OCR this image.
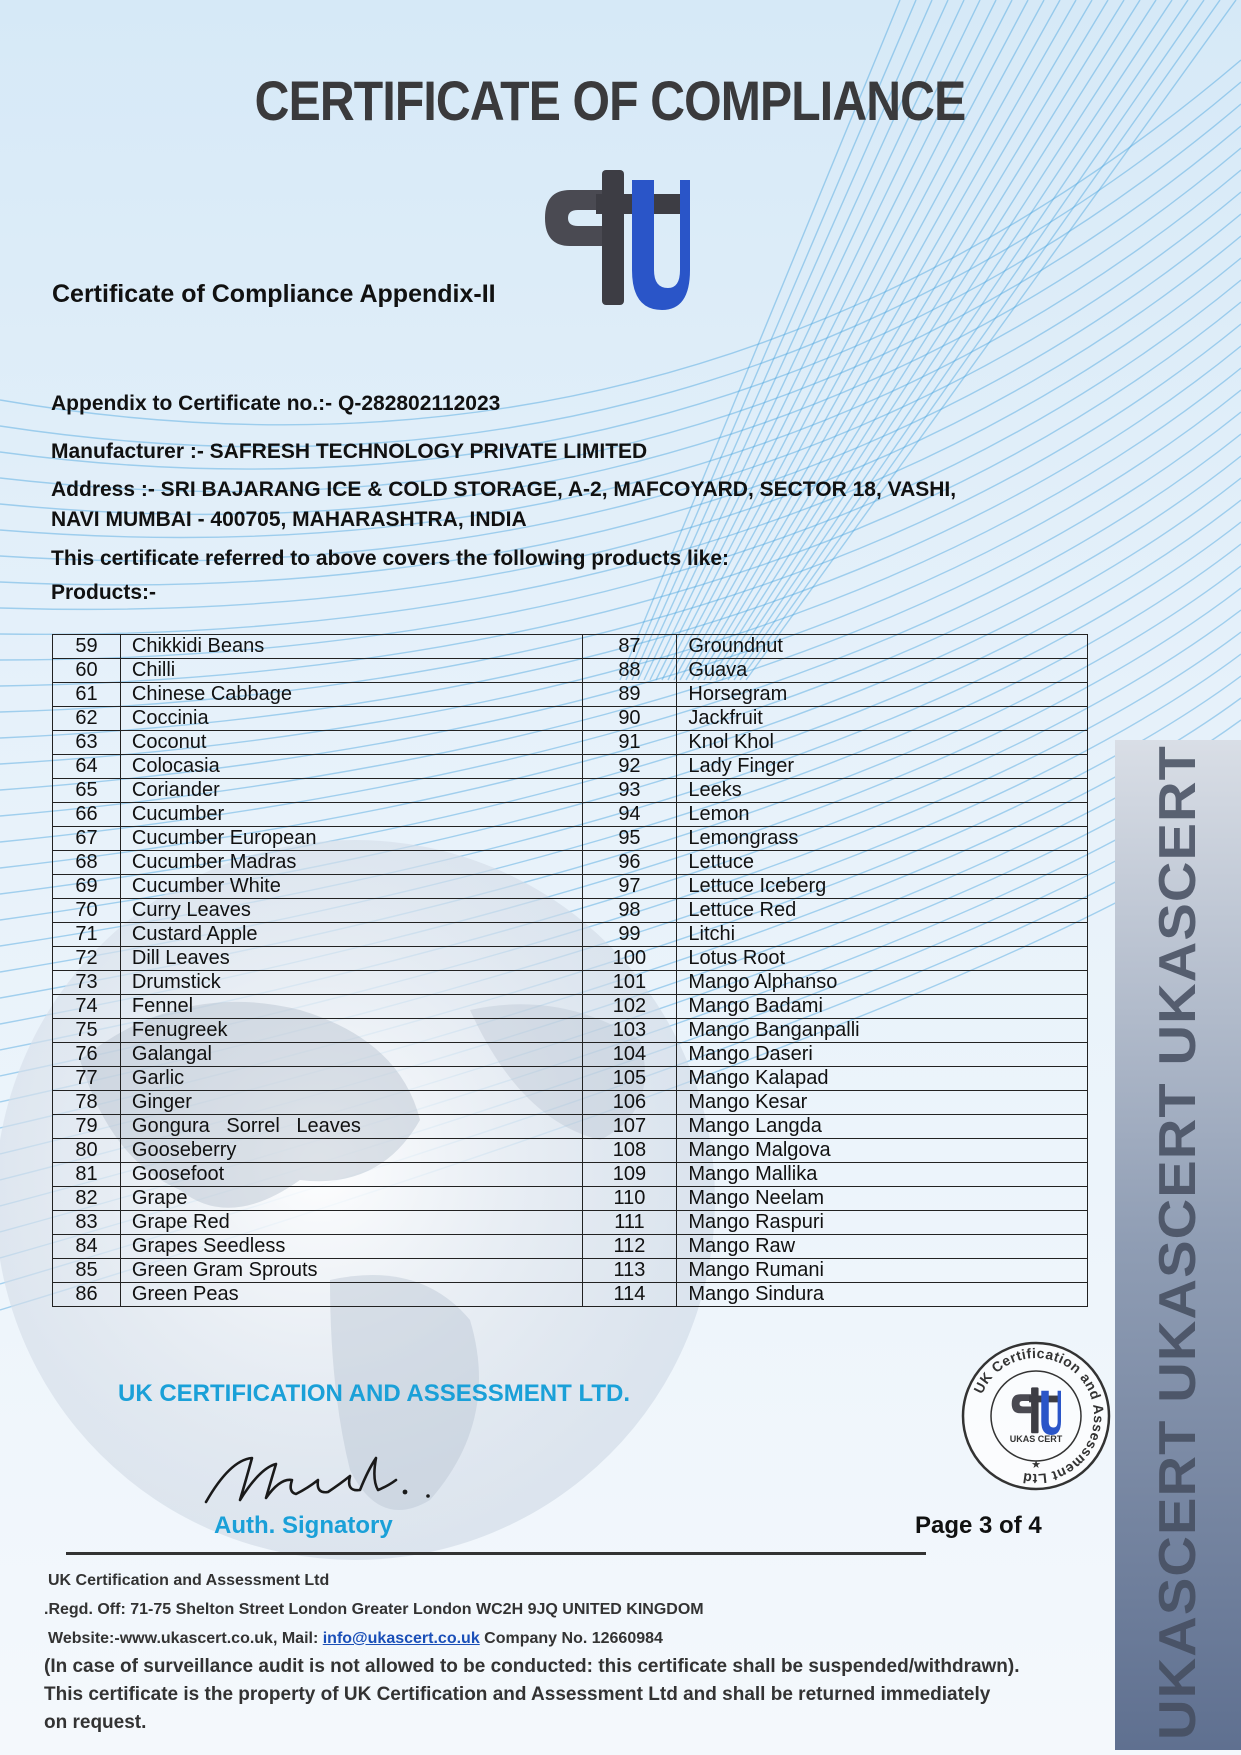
CERTIFICATE OF COMPLIANCE
Certificate of Compliance Appendix-II
Appendix to Certificate no.:- Q-282802112023
Manufacturer :- SAFRESH TECHNOLOGY PRIVATE LIMITED
Address :- SRI BAJARANG ICE & COLD STORAGE, A-2, MAFCOYARD, SECTOR 18, VASHI,
NAVI MUMBAI - 400705, MAHARASHTRA, INDIA
This certificate referred to above covers the following products like:
Products:-
59	Chikkidi Beans	87	Groundnut
60	Chilli	88	Guava
61	Chinese Cabbage	89	Horsegram
62	Coccinia	90	Jackfruit
63	Coconut	91	Knol Khol
64	Colocasia	92	Lady Finger
65	Coriander	93	Leeks
66	Cucumber	94	Lemon
67	Cucumber European	95	Lemongrass
68	Cucumber Madras	96	Lettuce
69	Cucumber White	97	Lettuce Iceberg
70	Curry Leaves	98	Lettuce Red
71	Custard Apple	99	Litchi
72	Dill Leaves	100	Lotus Root
73	Drumstick	101	Mango Alphanso
74	Fennel	102	Mango Badami
75	Fenugreek	103	Mango Banganpalli
76	Galangal	104	Mango Daseri
77	Garlic	105	Mango Kalapad
78	Ginger	106	Mango Kesar
79	Gongura   Sorrel   Leaves	107	Mango Langda
80	Gooseberry	108	Mango Malgova
81	Goosefoot	109	Mango Mallika
82	Grape	110	Mango Neelam
83	Grape Red	111	Mango Raspuri
84	Grapes Seedless	112	Mango Raw
85	Green Gram Sprouts	113	Mango Rumani
86	Green Peas	114	Mango Sindura
UK CERTIFICATION AND ASSESSMENT LTD.
Auth. Signatory
UK Certification and Assessment Ltd
UKAS CERT
★
Page 3 of 4
UK Certification and Assessment Ltd
.Regd. Off: 71-75 Shelton Street London Greater London WC2H 9JQ UNITED KINGDOM
Website:-www.ukascert.co.uk, Mail: info@ukascert.co.uk Company No. 12660984
(In case of surveillance audit is not allowed to be conducted: this certificate shall be suspended/withdrawn).
This certificate is the property of UK Certification and Assessment Ltd and shall be returned immediately
on request.	UKASCERT UKASCERT UKASCERT
